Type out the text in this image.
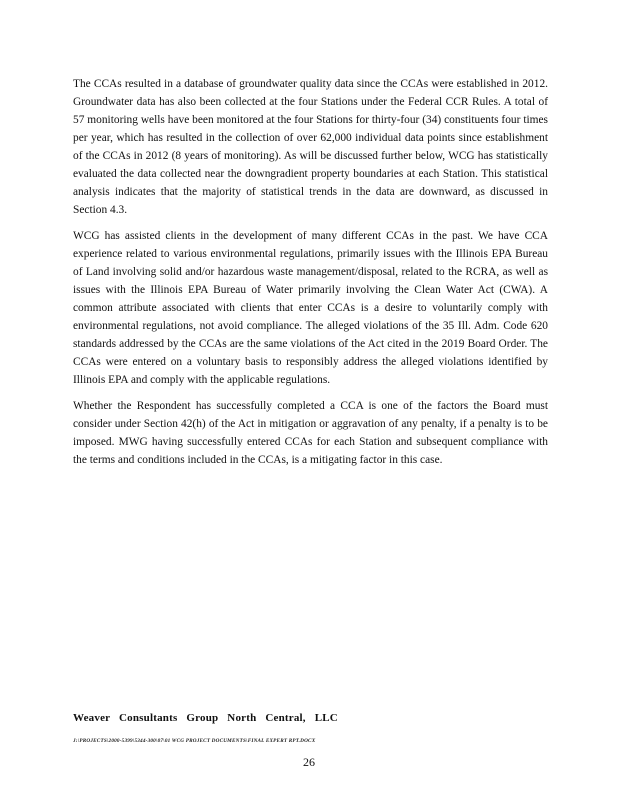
The CCAs resulted in a database of groundwater quality data since the CCAs were established in 2012. Groundwater data has also been collected at the four Stations under the Federal CCR Rules. A total of 57 monitoring wells have been monitored at the four Stations for thirty-four (34) constituents four times per year, which has resulted in the collection of over 62,000 individual data points since establishment of the CCAs in 2012 (8 years of monitoring). As will be discussed further below, WCG has statistically evaluated the data collected near the downgradient property boundaries at each Station. This statistical analysis indicates that the majority of statistical trends in the data are downward, as discussed in Section 4.3.

WCG has assisted clients in the development of many different CCAs in the past. We have CCA experience related to various environmental regulations, primarily issues with the Illinois EPA Bureau of Land involving solid and/or hazardous waste management/disposal, related to the RCRA, as well as issues with the Illinois EPA Bureau of Water primarily involving the Clean Water Act (CWA). A common attribute associated with clients that enter CCAs is a desire to voluntarily comply with environmental regulations, not avoid compliance. The alleged violations of the 35 Ill. Adm. Code 620 standards addressed by the CCAs are the same violations of the Act cited in the 2019 Board Order. The CCAs were entered on a voluntary basis to responsibly address the alleged violations identified by Illinois EPA and comply with the applicable regulations.

Whether the Respondent has successfully completed a CCA is one of the factors the Board must consider under Section 42(h) of the Act in mitigation or aggravation of any penalty, if a penalty is to be imposed. MWG having successfully entered CCAs for each Station and subsequent compliance with the terms and conditions included in the CCAs, is a mitigating factor in this case.

Weaver Consultants Group North Central, LLC
J:\PROJECTS\2000-5399\5344-300\07\01 WCG PROJECT DOCUMENTS\FINAL EXPERT RPT.DOCX
26
